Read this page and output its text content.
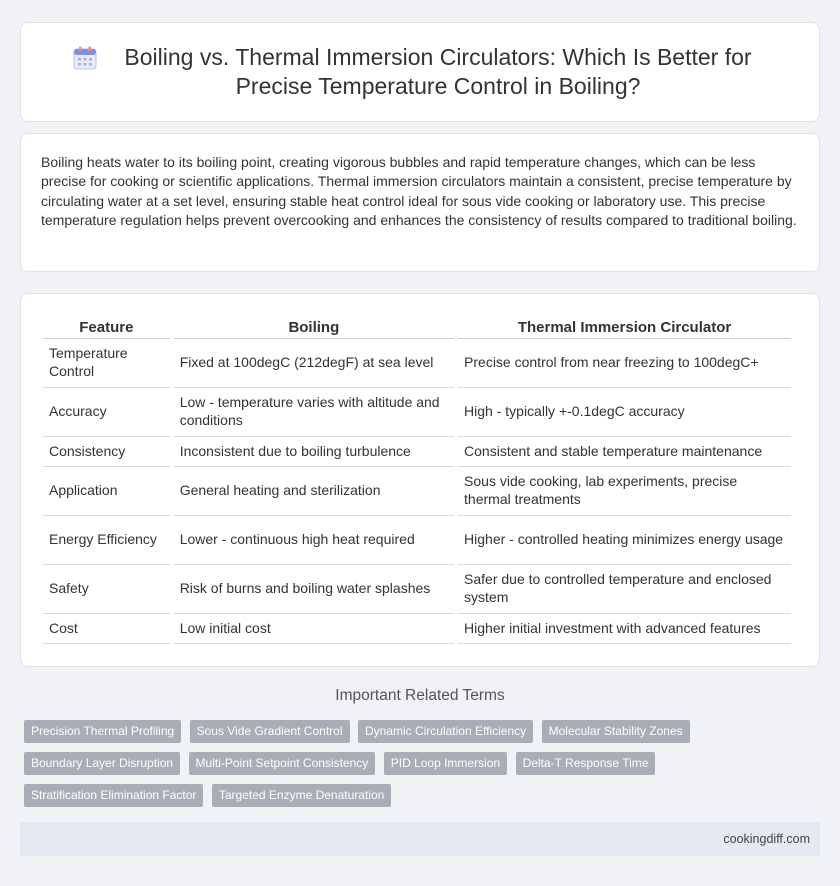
Boiling vs. Thermal Immersion Circulators: Which Is Better for Precise Temperature Control in Boiling?

Boiling heats water to its boiling point, creating vigorous bubbles and rapid temperature changes, which can be less precise for cooking or scientific applications. Thermal immersion circulators maintain a consistent, precise temperature by circulating water at a set level, ensuring stable heat control ideal for sous vide cooking or laboratory use. This precise temperature regulation helps prevent overcooking and enhances the consistency of results compared to traditional boiling.

Feature	Boiling	Thermal Immersion Circulator
Temperature Control	Fixed at 100degC (212degF) at sea level	Precise control from near freezing to 100degC+
Accuracy	Low - temperature varies with altitude and conditions	High - typically +-0.1degC accuracy
Consistency	Inconsistent due to boiling turbulence	Consistent and stable temperature maintenance
Application	General heating and sterilization	Sous vide cooking, lab experiments, precise thermal treatments
Energy Efficiency	Lower - continuous high heat required	Higher - controlled heating minimizes energy usage
Safety	Risk of burns and boiling water splashes	Safer due to controlled temperature and enclosed system
Cost	Low initial cost	Higher initial investment with advanced features
Important Related Terms
Precision Thermal Profiling Sous Vide Gradient Control Dynamic Circulation Efficiency Molecular Stability Zones
Boundary Layer Disruption Multi-Point Setpoint Consistency PID Loop Immersion Delta-T Response Time
Stratification Elimination Factor Targeted Enzyme Denaturation
cookingdiff.com
